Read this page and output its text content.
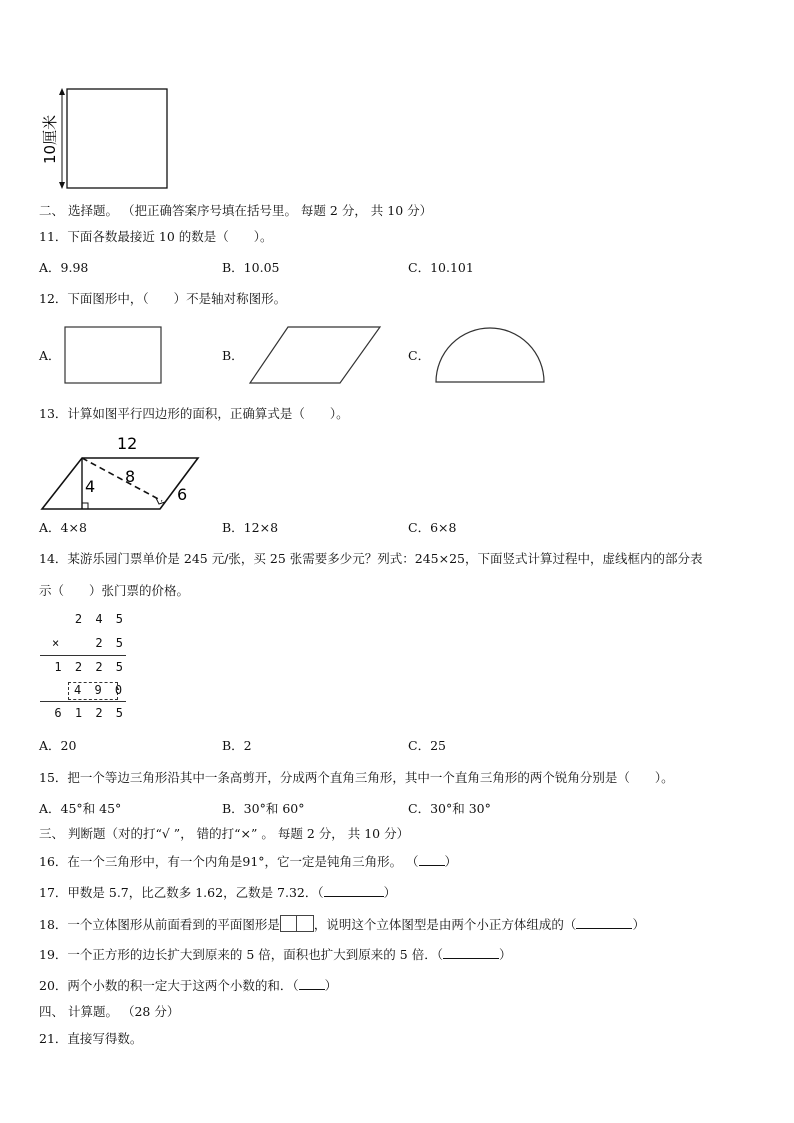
10厘米
二、 选择题。 （把正确答案序号填在括号里。 每题 2 分， 共 10 分）
11．下面各数最接近 10 的数是（　　）。
A．9.98	B．10.05	C．10.101
12．下面图形中，（　　）不是轴对称图形。
A．	B．	C．
13．计算如图平行四边形的面积，正确算式是（　　）。
12
8
4	6
A．4×8	B．12×8	C．6×8
14．某游乐园门票单价是 245 元/张，买 25 张需要多少元？列式：245×25，下面竖式计算过程中，虚线框内的部分表
示（　　）张门票的价格。
2 4 5
×	2 5
1 2 2 5
4 9 0
6 1 2 5
A．20	B．2	C．25
15．把一个等边三角形沿其中一条高剪开，分成两个直角三角形，其中一个直角三角形的两个锐角分别是（　　）。
A．45°和 45°	B．30°和 60°	C．30°和 30°
三、 判断题（对的打“√ ”， 错的打“×” 。 每题 2 分， 共 10 分）
16．在一个三角形中，有一个内角是91°，它一定是钝角三角形。 （ ）
17．甲数是 5.7，比乙数多 1.62，乙数是 7.32．（	）
18．一个立体图形从前面看到的平面图形是	，说明这个立体图型是由两个小正方体组成的（	）
19．一个正方形的边长扩大到原来的 5 倍，面积也扩大到原来的 5 倍．（	）
20．两个小数的积一定大于这两个小数的和．（ ）
四、 计算题。 （28 分）
21．直接写得数。
